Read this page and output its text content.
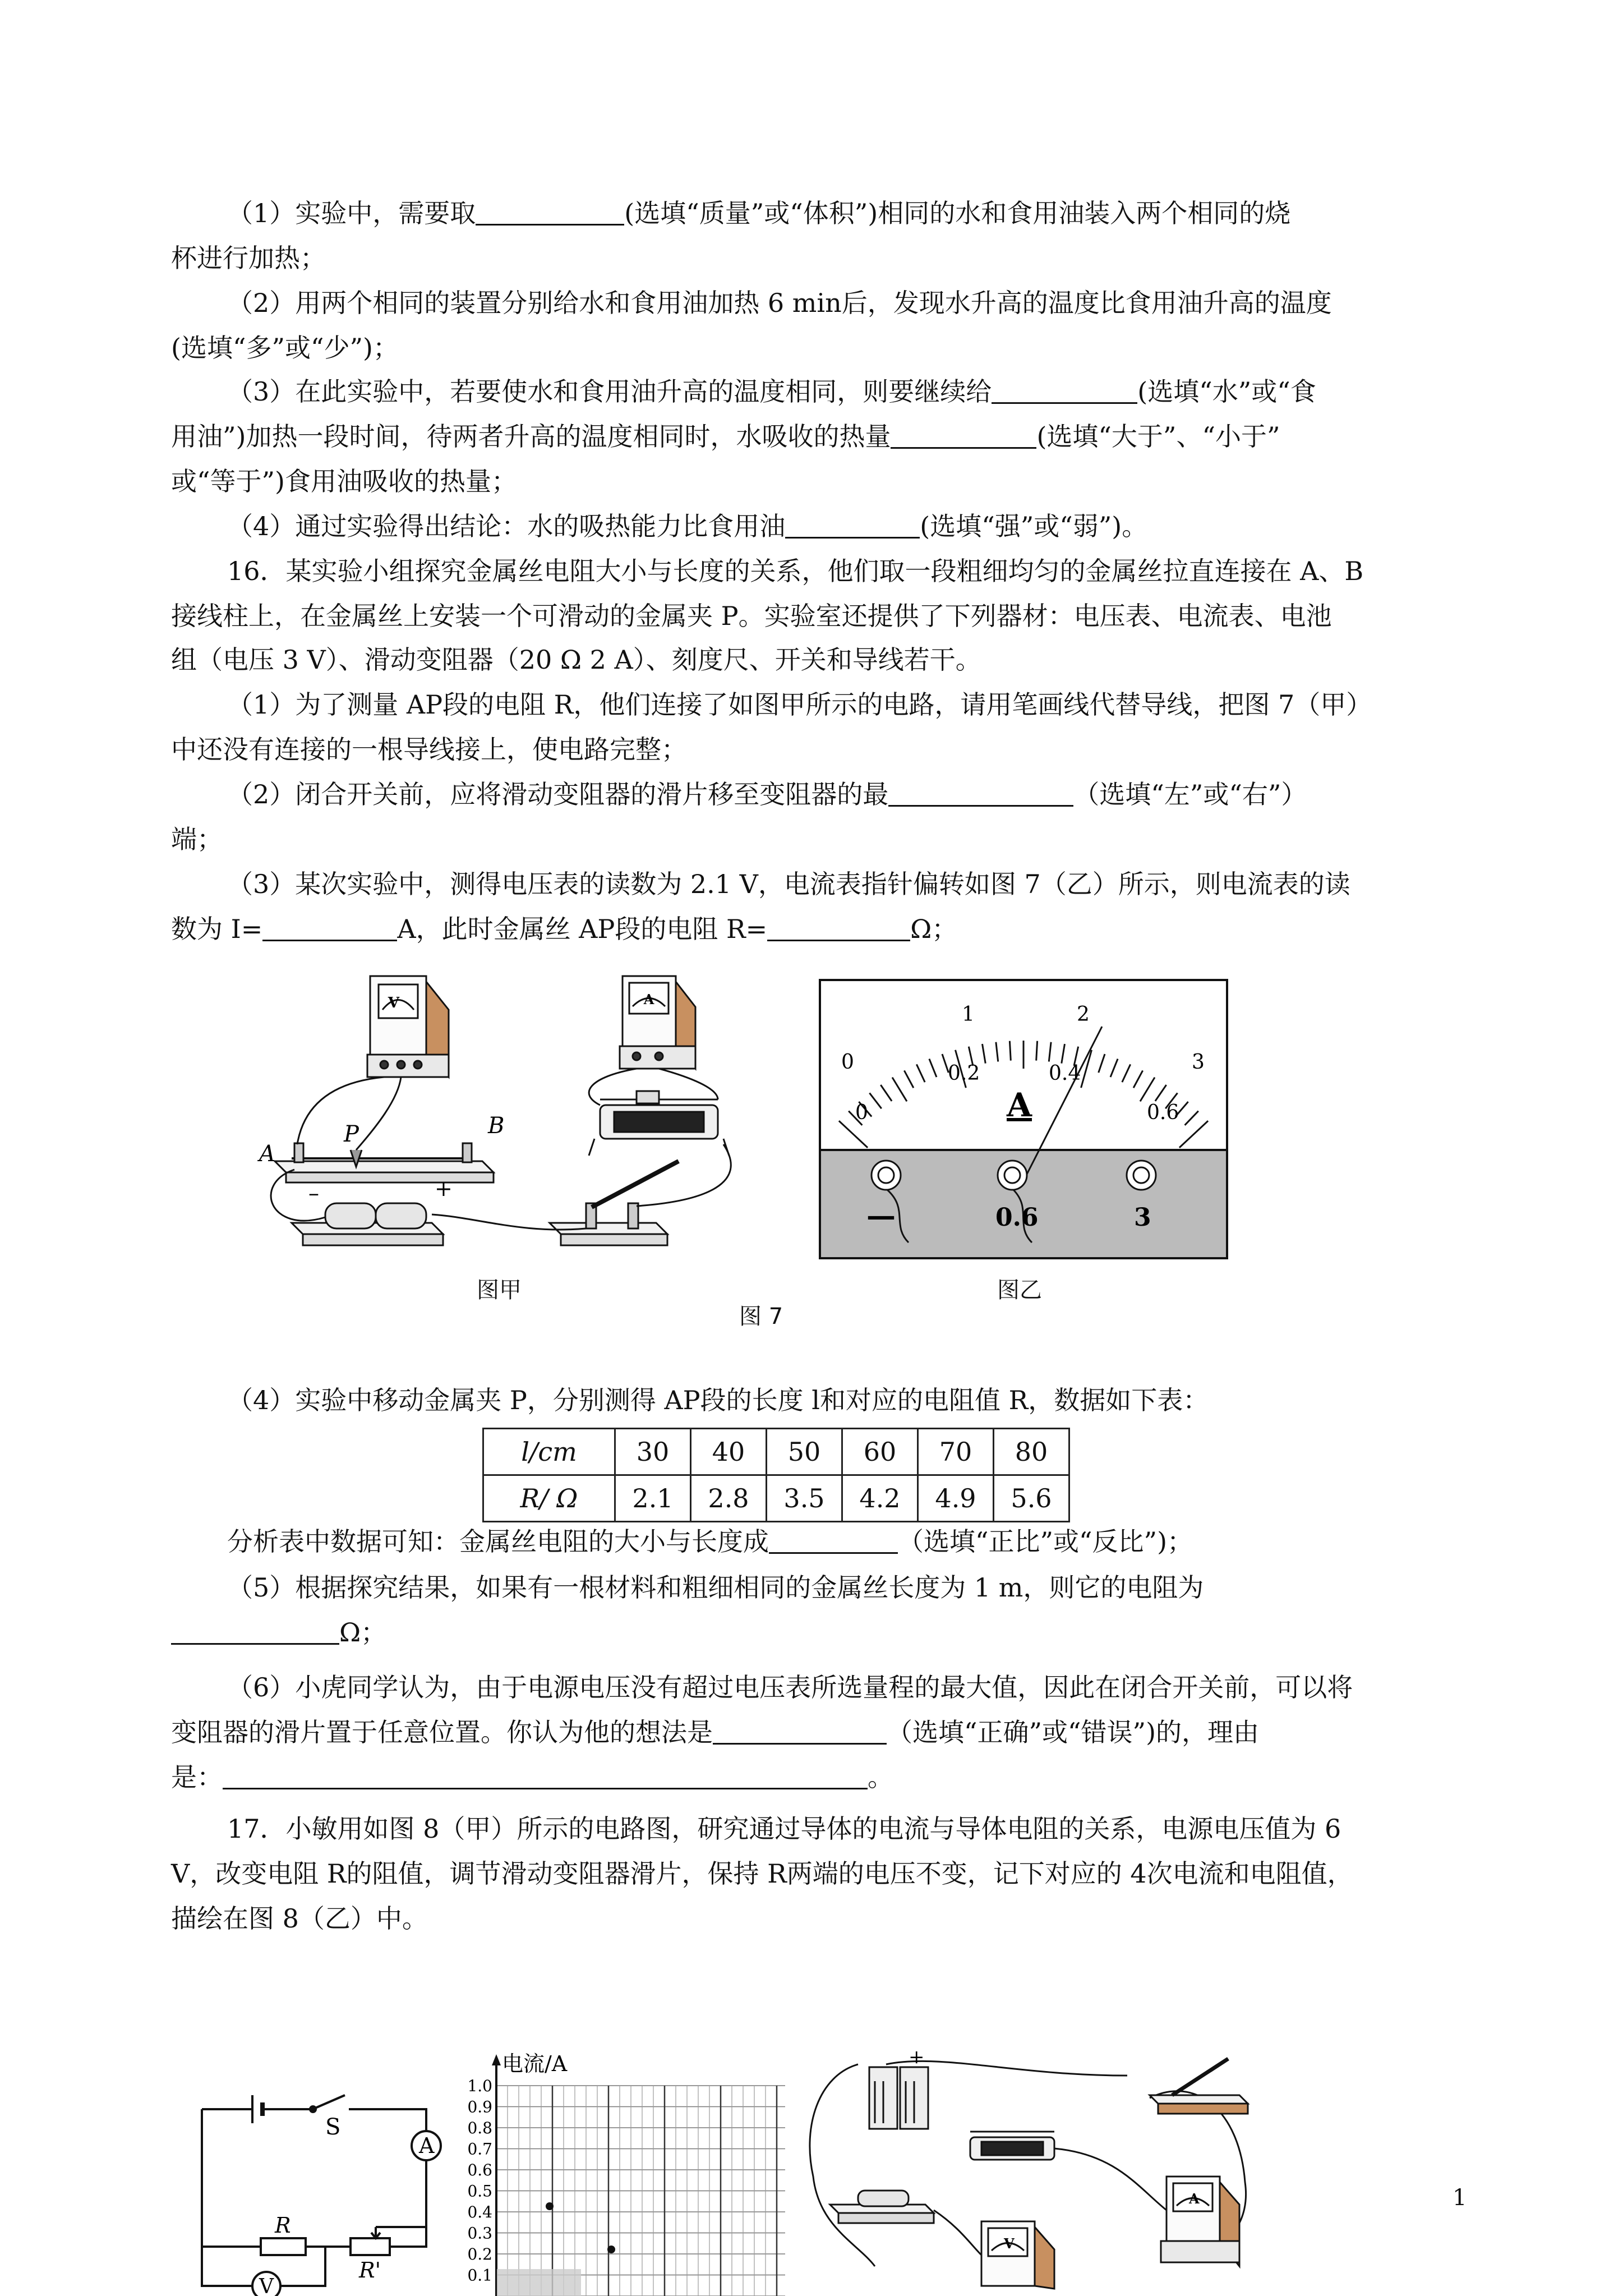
（1）实验中，需要取	(选填“质量”或“体积”)相同的水和食用油装入两个相同的烧
杯进行加热；
（2）用两个相同的装置分别给水和食用油加热 6 min后，发现水升高的温度比食用油升高的温度
(选填“多”或“少”)；
（3）在此实验中，若要使水和食用油升高的温度相同，则要继续给	(选填“水”或“食
用油”)加热一段时间，待两者升高的温度相同时，水吸收的热量	(选填“大于”、“小于”
或“等于”)食用油吸收的热量；
（4）通过实验得出结论：水的吸热能力比食用油	(选填“强”或“弱”)。
16．某实验小组探究金属丝电阻大小与长度的关系，他们取一段粗细均匀的金属丝拉直连接在 A、B
接线柱上，在金属丝上安装一个可滑动的金属夹 P。实验室还提供了下列器材：电压表、电流表、电池
组（电压 3 V）、滑动变阻器（20 Ω 2 A）、刻度尺、开关和导线若干。
（1）为了测量 AP段的电阻 R，他们连接了如图甲所示的电路，请用笔画线代替导线，把图 7（甲）
中还没有连接的一根导线接上，使电路完整；
（2）闭合开关前，应将滑动变阻器的滑片移至变阻器的最	（选填“左”或“右”）
端；
（3）某次实验中，测得电压表的读数为 2.1 V，电流表指针偏转如图 7（乙）所示，则电流表的读
数为 I=	A，此时金属丝 AP段的电阻 R=	Ω；
V	A
A
P	B
–	+
0
1	2
3
0
0.2	0.4
0.6
A
—	0.6	3
图甲	图乙
图 7
（4）实验中移动金属夹 P，分别测得 AP段的长度 l和对应的电阻值 R，数据如下表：
l/cm	30	40	50	60	70	80
R/ Ω	2.1	2.8	3.5	4.2	4.9	5.6
分析表中数据可知：金属丝电阻的大小与长度成	（选填“正比”或“反比”)；
（5）根据探究结果，如果有一根材料和粗细相同的金属丝长度为 1 m，则它的电阻为
Ω；
（6）小虎同学认为，由于电源电压没有超过电压表所选量程的最大值，因此在闭合开关前，可以将
变阻器的滑片置于任意位置。你认为他的想法是	（选填“正确”或“错误”)的，理由
是：	。
17．小敏用如图 8（甲）所示的电路图，研究通过导体的电流与导体电阻的关系，电源电压值为 6
V，改变电阻 R的阻值，调节滑动变阻器滑片，保持 R两端的电压不变，记下对应的 4次电流和电阻值，
描绘在图 8（乙）中。
S
A
R
R'
V
电流/A
1.0
0.9
0.8
0.7
0.6
0.5
0.4
0.3
0.2
0.1
+
V
A	1
